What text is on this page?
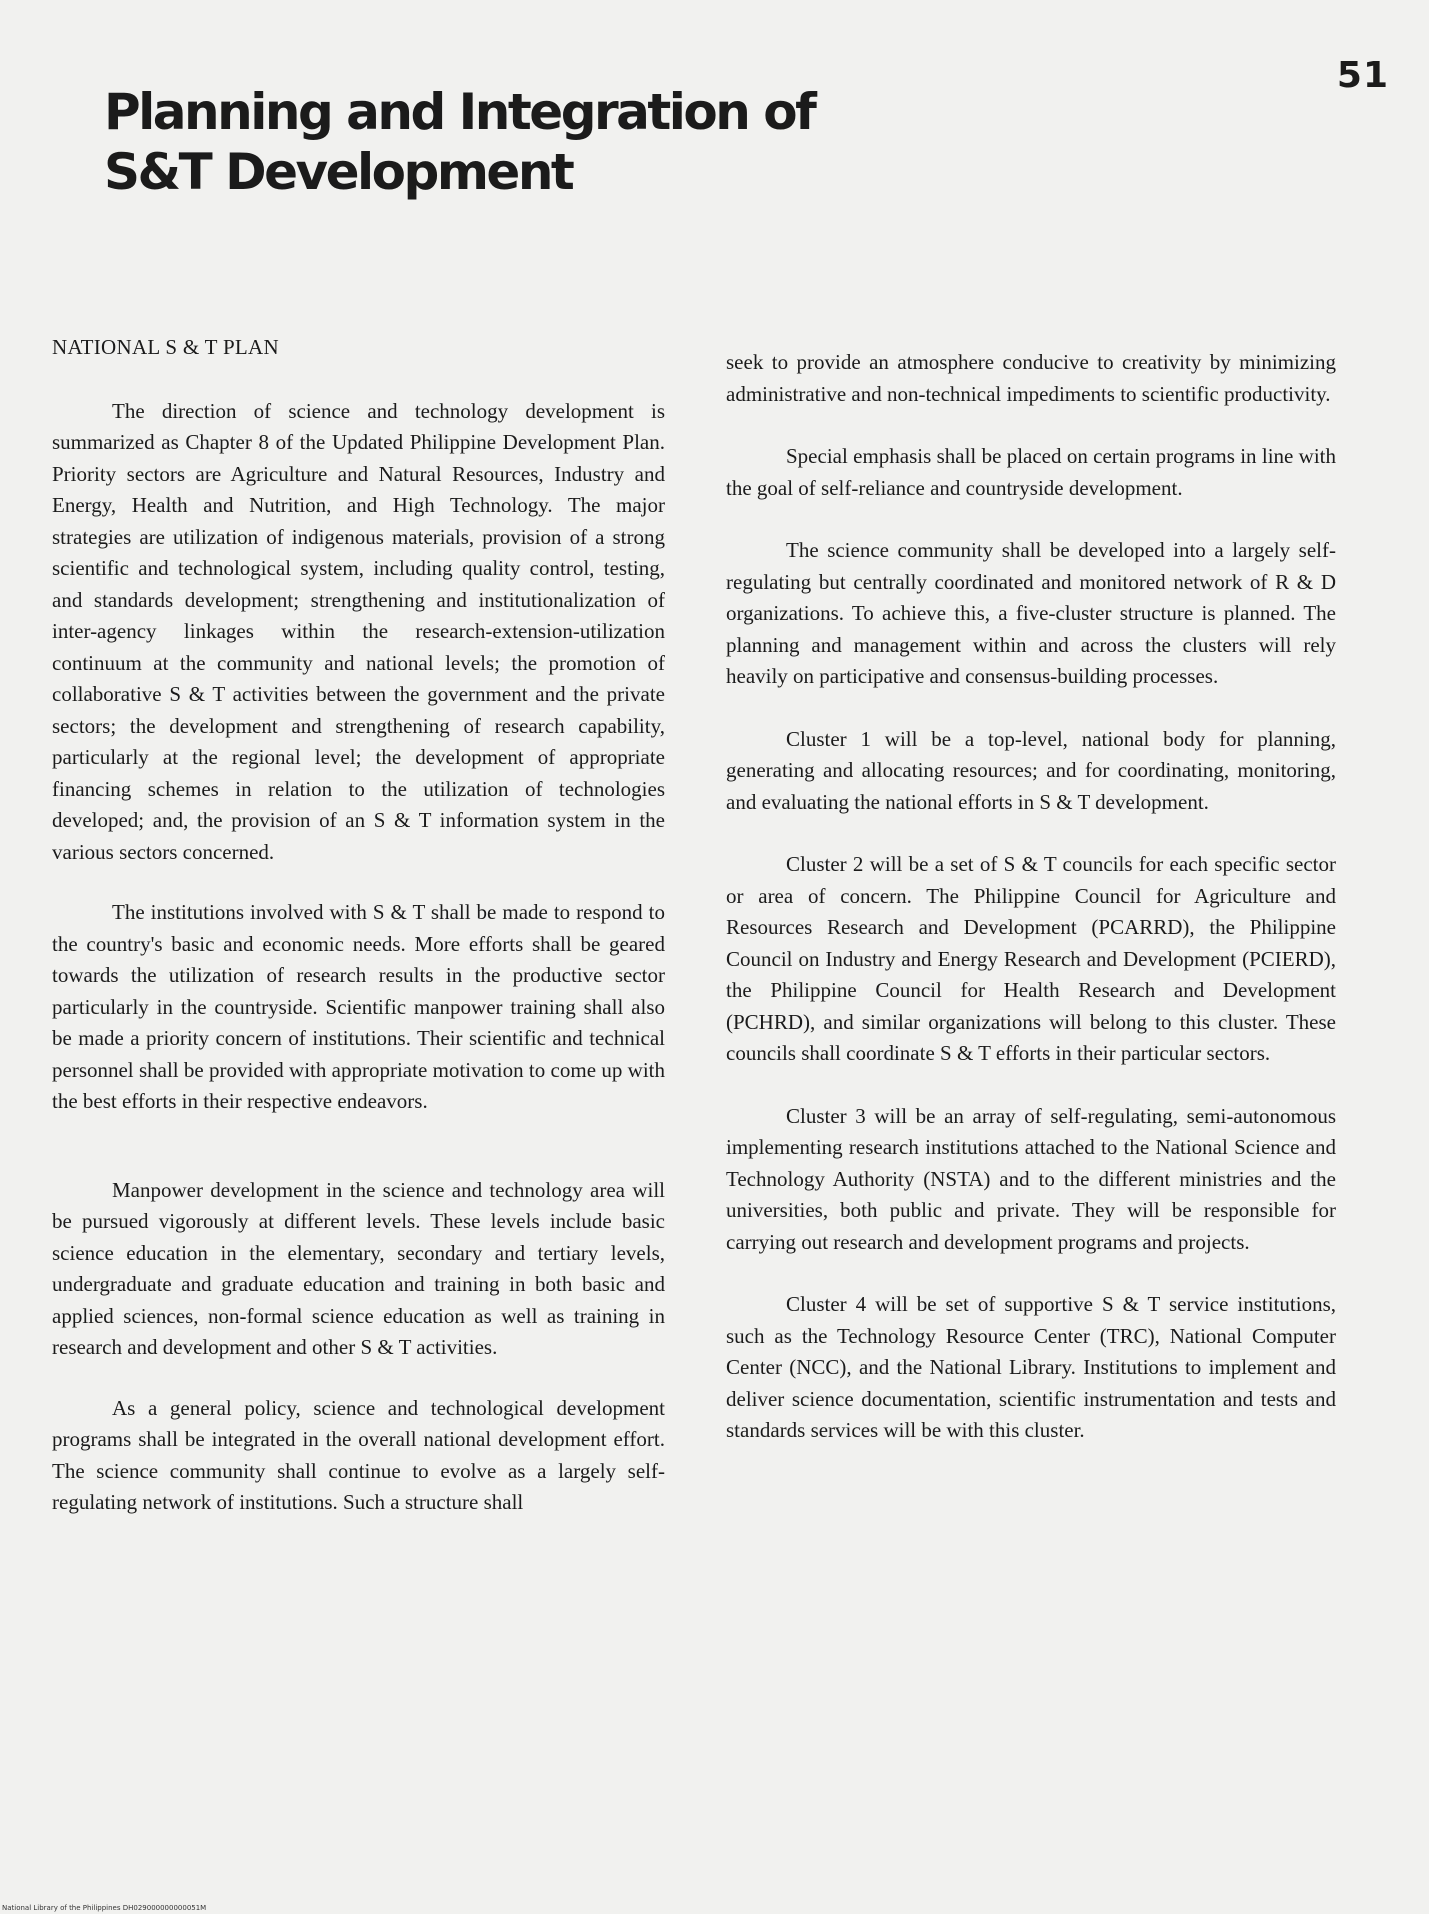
51
Planning and Integration of
S&T Development
NATIONAL S & T PLAN

The direction of science and technology development is summarized as Chapter 8 of the Updated Philippine Development Plan. Priority sectors are Agriculture and Natural Resources, Industry and Energy, Health and Nutrition, and High Technology. The major strategies are utilization of indigenous materials, provision of a strong scientific and technological system, including quality control, testing, and standards development; strengthening and institutionalization of inter-agency linkages within the research-extension-utilization continuum at the community and national levels; the promotion of collaborative S & T activities between the government and the private sectors; the development and strengthening of research capability, particularly at the regional level; the development of appropriate financing schemes in relation to the utilization of technologies developed; and, the provision of an S & T information system in the various sectors concerned.

The institutions involved with S & T shall be made to respond to the country's basic and economic needs. More efforts shall be geared towards the utilization of research results in the productive sector particularly in the countryside. Scientific manpower training shall also be made a priority concern of institutions. Their scientific and technical personnel shall be provided with appropriate motivation to come up with the best efforts in their respective endeavors.

Manpower development in the science and technology area will be pursued vigorously at different levels. These levels include basic science education in the elementary, secondary and tertiary levels, undergraduate and graduate education and training in both basic and applied sciences, non-formal science education as well as training in research and development and other S & T activities.

As a general policy, science and technological development programs shall be integrated in the overall national development effort. The science community shall continue to evolve as a largely self-regulating network of institutions. Such a structure shall

seek to provide an atmosphere conducive to creativity by minimizing administrative and non-technical impediments to scientific productivity.

Special emphasis shall be placed on certain programs in line with the goal of self-reliance and countryside development.

The science community shall be developed into a largely self-regulating but centrally coordinated and monitored network of R & D organizations. To achieve this, a five-cluster structure is planned. The planning and management within and across the clusters will rely heavily on participative and consensus-building processes.

Cluster 1 will be a top-level, national body for planning, generating and allocating resources; and for coordinating, monitoring, and evaluating the national efforts in S & T development.

Cluster 2 will be a set of S & T councils for each specific sector or area of concern. The Philippine Council for Agriculture and Resources Research and Development (PCARRD), the Philippine Council on Industry and Energy Research and Development (PCIERD), the Philippine Council for Health Research and Development (PCHRD), and similar organizations will belong to this cluster. These councils shall coordinate S & T efforts in their particular sectors.

Cluster 3 will be an array of self-regulating, semi-autonomous implementing research institutions attached to the National Science and Technology Authority (NSTA) and to the different ministries and the universities, both public and private. They will be responsible for carrying out research and development programs and projects.

Cluster 4 will be set of supportive S & T service institutions, such as the Technology Resource Center (TRC), National Computer Center (NCC), and the National Library. Institutions to implement and deliver science documentation, scientific instrumentation and tests and standards services will be with this cluster.

National Library of the Philippines DH029000000000051M
